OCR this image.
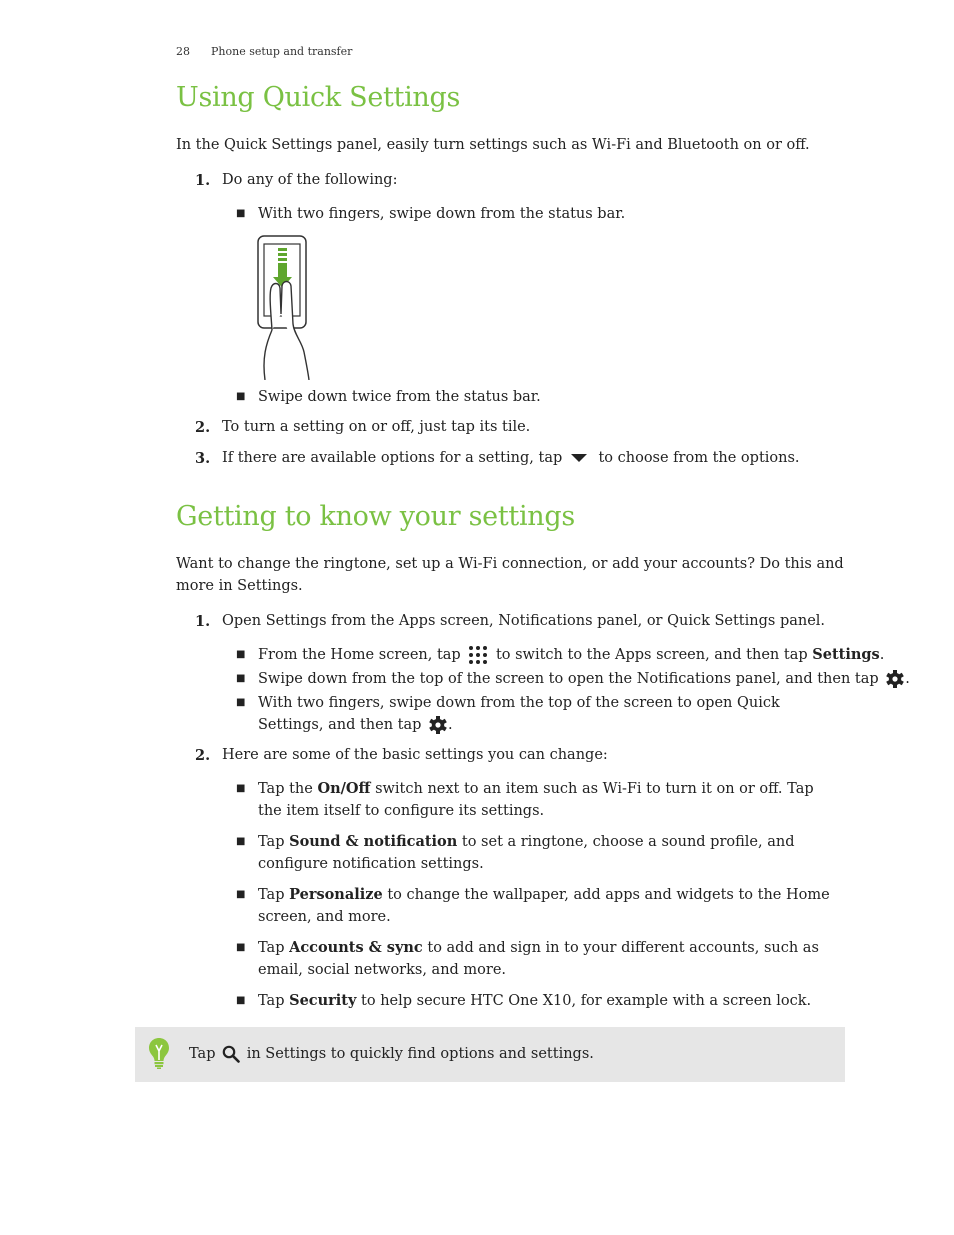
28 Phone setup and transfer
Using Quick Settings
In the Quick Settings panel, easily turn settings such as Wi-Fi and Bluetooth on or off.
1. Do any of the following:
■ With two fingers, swipe down from the status bar.
■ Swipe down twice from the status bar.
2. To turn a setting on or off, just tap its tile.
3. If there are available options for a setting, tap to choose from the options.
Getting to know your settings
Want to change the ringtone, set up a Wi-Fi connection, or add your accounts? Do this and more in Settings.
1. Open Settings from the Apps screen, Notifications panel, or Quick Settings panel.
■ From the Home screen, tap to switch to the Apps screen, and then tap Settings.
■ Swipe down from the top of the screen to open the Notifications panel, and then tap .
■ With two fingers, swipe down from the top of the screen to open Quick Settings, and then tap .
2. Here are some of the basic settings you can change:
■ Tap the On/Off switch next to an item such as Wi-Fi to turn it on or off. Tap the item itself to configure its settings.
■ Tap Sound & notification to set a ringtone, choose a sound profile, and configure notification settings.
■ Tap Personalize to change the wallpaper, add apps and widgets to the Home screen, and more.
■ Tap Accounts & sync to add and sign in to your different accounts, such as email, social networks, and more.
■ Tap Security to help secure HTC One X10, for example with a screen lock.
Tap in Settings to quickly find options and settings.
